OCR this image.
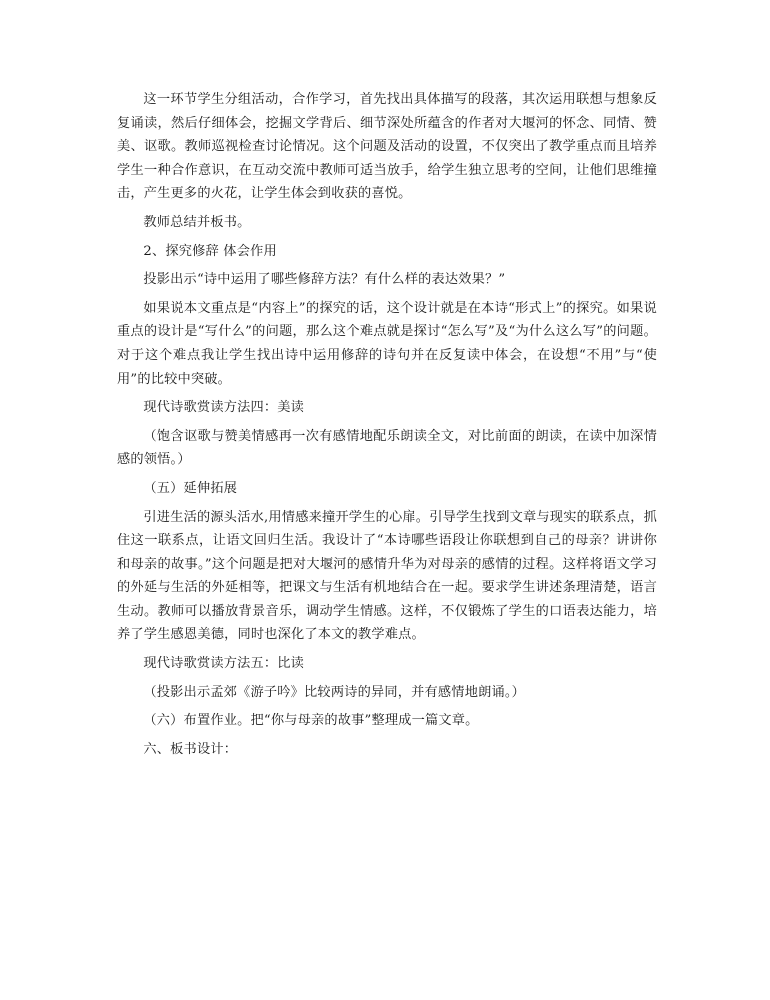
这一环节学生分组活动，合作学习，首先找出具体描写的段落，其次运用联想与想象反复诵读，然后仔细体会，挖掘文学背后、细节深处所蕴含的作者对大堰河的怀念、同情、赞美、讴歌。教师巡视检查讨论情况。这个问题及活动的设置，不仅突出了教学重点而且培养学生一种合作意识，在互动交流中教师可适当放手，给学生独立思考的空间，让他们思维撞击，产生更多的火花，让学生体会到收获的喜悦。

教师总结并板书。

2、探究修辞 体会作用

投影出示“诗中运用了哪些修辞方法？有什么样的表达效果？”

如果说本文重点是“内容上”的探究的话，这个设计就是在本诗“形式上”的探究。如果说重点的设计是“写什么”的问题，那么这个难点就是探讨“怎么写”及“为什么这么写”的问题。对于这个难点我让学生找出诗中运用修辞的诗句并在反复读中体会，在设想“不用”与“使用”的比较中突破。

现代诗歌赏读方法四：美读

（饱含讴歌与赞美情感再一次有感情地配乐朗读全文，对比前面的朗读，在读中加深情感的领悟。）

（五）延伸拓展

引进生活的源头活水,用情感来撞开学生的心扉。引导学生找到文章与现实的联系点，抓住这一联系点，让语文回归生活。我设计了“本诗哪些语段让你联想到自己的母亲？讲讲你和母亲的故事。”这个问题是把对大堰河的感情升华为对母亲的感情的过程。这样将语文学习的外延与生活的外延相等，把课文与生活有机地结合在一起。要求学生讲述条理清楚，语言生动。教师可以播放背景音乐，调动学生情感。这样，不仅锻炼了学生的口语表达能力，培养了学生感恩美德，同时也深化了本文的教学难点。

现代诗歌赏读方法五：比读

（投影出示孟郊《游子吟》比较两诗的异同，并有感情地朗诵。）

（六）布置作业。把“你与母亲的故事”整理成一篇文章。

六、板书设计：
